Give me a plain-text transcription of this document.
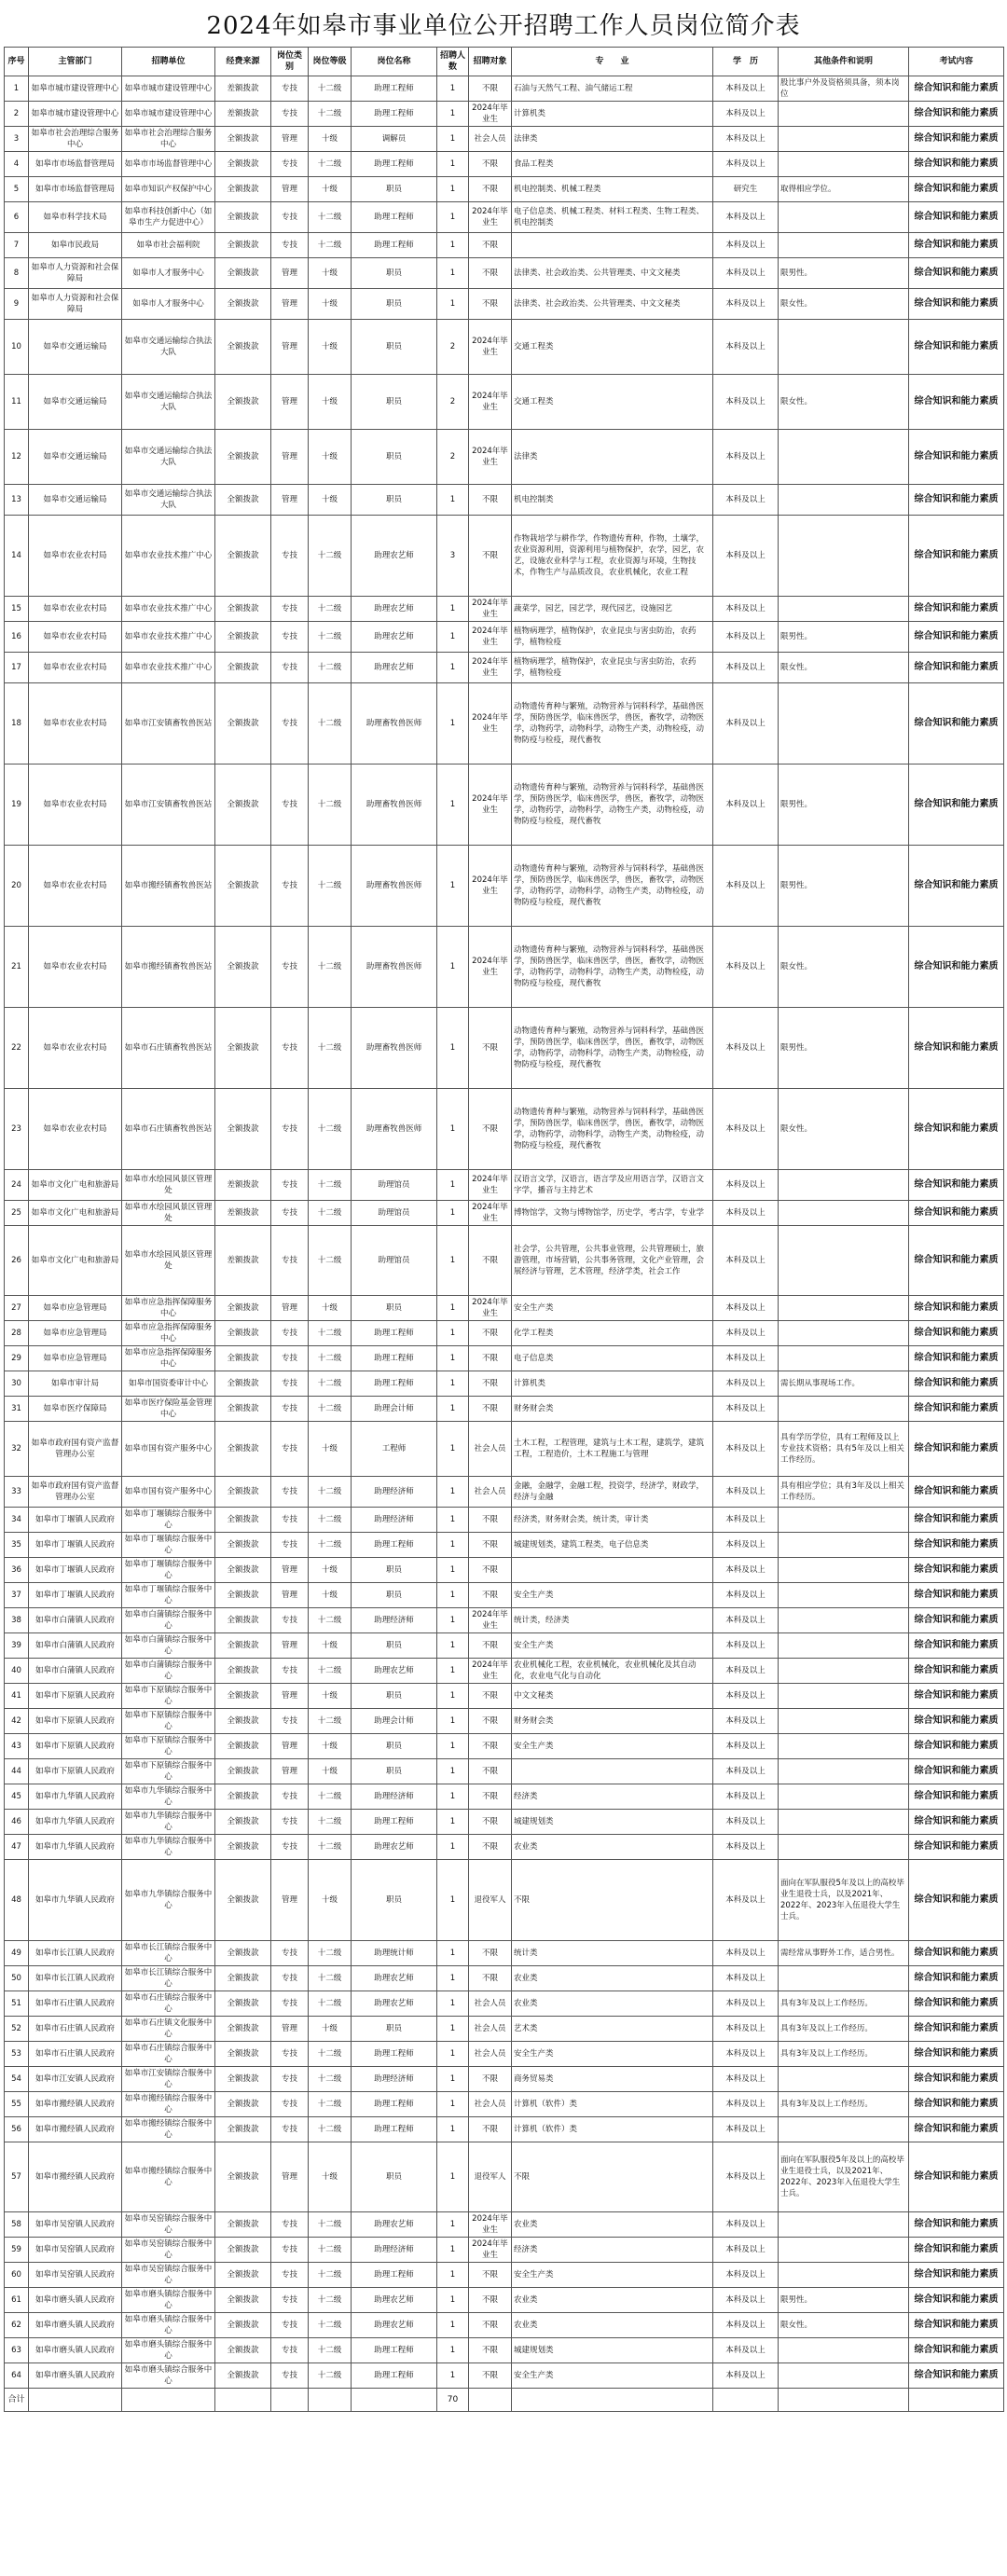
2024年如皋市事业单位公开招聘工作人员岗位简介表
序号	主管部门	招聘单位	经费来源	岗位类别	岗位等级	岗位名称	招聘人数	招聘对象	专　　业	学　历	其他条件和说明	考试内容
1	如皋市城市建设管理中心	如皋市城市建设管理中心	差额拨款	专技	十二级	助理工程师	1	不限	石油与天然气工程、油气储运工程	本科及以上	股比事户外及资格须具备，须本岗位	综合知识和能力素质
2	如皋市城市建设管理中心	如皋市城市建设管理中心	差额拨款	专技	十二级	助理工程师	1	2024年毕业生	计算机类	本科及以上		综合知识和能力素质
3	如皋市社会治理综合服务中心	如皋市社会治理综合服务中心	全额拨款	管理	十级	调解员	1	社会人员	法律类	本科及以上		综合知识和能力素质
4	如皋市市场监督管理局	如皋市市场监督管理中心	全额拨款	专技	十二级	助理工程师	1	不限	食品工程类	本科及以上		综合知识和能力素质
5	如皋市市场监督管理局	如皋市知识产权保护中心	全额拨款	管理	十级	职员	1	不限	机电控制类、机械工程类	研究生	取得相应学位。	综合知识和能力素质
6	如皋市科学技术局	如皋市科技创新中心（如皋市生产力促进中心）	全额拨款	专技	十二级	助理工程师	1	2024年毕业生	电子信息类、机械工程类、材料工程类、生物工程类、机电控制类	本科及以上		综合知识和能力素质
7	如皋市民政局	如皋市社会福利院	全额拨款	专技	十二级	助理工程师	1	不限		本科及以上		综合知识和能力素质
8	如皋市人力资源和社会保障局	如皋市人才服务中心	全额拨款	管理	十级	职员	1	不限	法律类、社会政治类、公共管理类、中文文秘类	本科及以上	限男性。	综合知识和能力素质
9	如皋市人力资源和社会保障局	如皋市人才服务中心	全额拨款	管理	十级	职员	1	不限	法律类、社会政治类、公共管理类、中文文秘类	本科及以上	限女性。	综合知识和能力素质
10	如皋市交通运输局	如皋市交通运输综合执法大队	全额拨款	管理	十级	职员	2	2024年毕业生	交通工程类	本科及以上		综合知识和能力素质
11	如皋市交通运输局	如皋市交通运输综合执法大队	全额拨款	管理	十级	职员	2	2024年毕业生	交通工程类	本科及以上	限女性。	综合知识和能力素质
12	如皋市交通运输局	如皋市交通运输综合执法大队	全额拨款	管理	十级	职员	2	2024年毕业生	法律类	本科及以上		综合知识和能力素质
13	如皋市交通运输局	如皋市交通运输综合执法大队	全额拨款	管理	十级	职员	1	不限	机电控制类	本科及以上		综合知识和能力素质
14	如皋市农业农村局	如皋市农业技术推广中心	全额拨款	专技	十二级	助理农艺师	3	不限	作物栽培学与耕作学，作物遗传育种，作物，土壤学，农业资源利用，资源利用与植物保护，农学，园艺，农艺，设施农业科学与工程，农业资源与环境，生物技术，作物生产与品质改良，农业机械化，农业工程	本科及以上		综合知识和能力素质
15	如皋市农业农村局	如皋市农业技术推广中心	全额拨款	专技	十二级	助理农艺师	1	2024年毕业生	蔬菜学，园艺，园艺学，现代园艺，设施园艺	本科及以上		综合知识和能力素质
16	如皋市农业农村局	如皋市农业技术推广中心	全额拨款	专技	十二级	助理农艺师	1	2024年毕业生	植物病理学，植物保护，农业昆虫与害虫防治，农药学，植物检疫	本科及以上	限男性。	综合知识和能力素质
17	如皋市农业农村局	如皋市农业技术推广中心	全额拨款	专技	十二级	助理农艺师	1	2024年毕业生	植物病理学，植物保护，农业昆虫与害虫防治，农药学，植物检疫	本科及以上	限女性。	综合知识和能力素质
18	如皋市农业农村局	如皋市江安镇畜牧兽医站	全额拨款	专技	十二级	助理畜牧兽医师	1	2024年毕业生	动物遗传育种与繁殖，动物营养与饲料科学，基础兽医学，预防兽医学，临床兽医学，兽医，畜牧学，动物医学，动物药学，动物科学，动物生产类，动物检疫，动物防疫与检疫，现代畜牧	本科及以上		综合知识和能力素质
19	如皋市农业农村局	如皋市江安镇畜牧兽医站	全额拨款	专技	十二级	助理畜牧兽医师	1	2024年毕业生	动物遗传育种与繁殖，动物营养与饲料科学，基础兽医学，预防兽医学，临床兽医学，兽医，畜牧学，动物医学，动物药学，动物科学，动物生产类，动物检疫，动物防疫与检疫，现代畜牧	本科及以上	限男性。	综合知识和能力素质
20	如皋市农业农村局	如皋市搬经镇畜牧兽医站	全额拨款	专技	十二级	助理畜牧兽医师	1	2024年毕业生	动物遗传育种与繁殖，动物营养与饲料科学，基础兽医学，预防兽医学，临床兽医学，兽医，畜牧学，动物医学，动物药学，动物科学，动物生产类，动物检疫，动物防疫与检疫，现代畜牧	本科及以上	限男性。	综合知识和能力素质
21	如皋市农业农村局	如皋市搬经镇畜牧兽医站	全额拨款	专技	十二级	助理畜牧兽医师	1	2024年毕业生	动物遗传育种与繁殖，动物营养与饲料科学，基础兽医学，预防兽医学，临床兽医学，兽医，畜牧学，动物医学，动物药学，动物科学，动物生产类，动物检疫，动物防疫与检疫，现代畜牧	本科及以上	限女性。	综合知识和能力素质
22	如皋市农业农村局	如皋市石庄镇畜牧兽医站	全额拨款	专技	十二级	助理畜牧兽医师	1	不限	动物遗传育种与繁殖，动物营养与饲料科学，基础兽医学，预防兽医学，临床兽医学，兽医，畜牧学，动物医学，动物药学，动物科学，动物生产类，动物检疫，动物防疫与检疫，现代畜牧	本科及以上	限男性。	综合知识和能力素质
23	如皋市农业农村局	如皋市石庄镇畜牧兽医站	全额拨款	专技	十二级	助理畜牧兽医师	1	不限	动物遗传育种与繁殖，动物营养与饲料科学，基础兽医学，预防兽医学，临床兽医学，兽医，畜牧学，动物医学，动物药学，动物科学，动物生产类，动物检疫，动物防疫与检疫，现代畜牧	本科及以上	限女性。	综合知识和能力素质
24	如皋市文化广电和旅游局	如皋市水绘园风景区管理处	差额拨款	专技	十二级	助理馆员	1	2024年毕业生	汉语言文学，汉语言，语言学及应用语言学，汉语言文字学，播音与主持艺术	本科及以上		综合知识和能力素质
25	如皋市文化广电和旅游局	如皋市水绘园风景区管理处	差额拨款	专技	十二级	助理馆员	1	2024年毕业生	博物馆学，文物与博物馆学，历史学，考古学，专业学	本科及以上		综合知识和能力素质
26	如皋市文化广电和旅游局	如皋市水绘园风景区管理处	差额拨款	专技	十二级	助理馆员	1	不限	社会学，公共管理，公共事业管理，公共管理硕士，旅游管理，市场营销，公共事务管理，文化产业管理，会展经济与管理，艺术管理，经济学类，社会工作	本科及以上		综合知识和能力素质
27	如皋市应急管理局	如皋市应急指挥保障服务中心	全额拨款	管理	十级	职员	1	2024年毕业生	安全生产类	本科及以上		综合知识和能力素质
28	如皋市应急管理局	如皋市应急指挥保障服务中心	全额拨款	专技	十二级	助理工程师	1	不限	化学工程类	本科及以上		综合知识和能力素质
29	如皋市应急管理局	如皋市应急指挥保障服务中心	全额拨款	专技	十二级	助理工程师	1	不限	电子信息类	本科及以上		综合知识和能力素质
30	如皋市审计局	如皋市国资委审计中心	全额拨款	专技	十二级	助理工程师	1	不限	计算机类	本科及以上	需长期从事现场工作。	综合知识和能力素质
31	如皋市医疗保障局	如皋市医疗保险基金管理中心	全额拨款	专技	十二级	助理会计师	1	不限	财务财会类	本科及以上		综合知识和能力素质
32	如皋市政府国有资产监督管理办公室	如皋市国有资产服务中心	全额拨款	专技	十级	工程师	1	社会人员	土木工程，工程管理，建筑与土木工程，建筑学，建筑工程，工程造价，土木工程施工与管理	本科及以上	具有学历学位，具有工程师及以上专业技术资格；具有5年及以上相关工作经历。	综合知识和能力素质
33	如皋市政府国有资产监督管理办公室	如皋市国有资产服务中心	全额拨款	专技	十二级	助理经济师	1	社会人员	金融，金融学，金融工程，投资学，经济学，财政学，经济与金融	本科及以上	具有相应学位；具有3年及以上相关工作经历。	综合知识和能力素质
34	如皋市丁堰镇人民政府	如皋市丁堰镇综合服务中心	全额拨款	专技	十二级	助理经济师	1	不限	经济类，财务财会类，统计类，审计类	本科及以上		综合知识和能力素质
35	如皋市丁堰镇人民政府	如皋市丁堰镇综合服务中心	全额拨款	专技	十二级	助理工程师	1	不限	城建规划类，建筑工程类，电子信息类	本科及以上		综合知识和能力素质
36	如皋市丁堰镇人民政府	如皋市丁堰镇综合服务中心	全额拨款	管理	十级	职员	1	不限		本科及以上		综合知识和能力素质
37	如皋市丁堰镇人民政府	如皋市丁堰镇综合服务中心	全额拨款	管理	十级	职员	1	不限	安全生产类	本科及以上		综合知识和能力素质
38	如皋市白蒲镇人民政府	如皋市白蒲镇综合服务中心	全额拨款	专技	十二级	助理经济师	1	2024年毕业生	统计类，经济类	本科及以上		综合知识和能力素质
39	如皋市白蒲镇人民政府	如皋市白蒲镇综合服务中心	全额拨款	管理	十级	职员	1	不限	安全生产类	本科及以上		综合知识和能力素质
40	如皋市白蒲镇人民政府	如皋市白蒲镇综合服务中心	全额拨款	专技	十二级	助理农艺师	1	2024年毕业生	农业机械化工程，农业机械化，农业机械化及其自动化，农业电气化与自动化	本科及以上		综合知识和能力素质
41	如皋市下原镇人民政府	如皋市下原镇综合服务中心	全额拨款	管理	十级	职员	1	不限	中文文秘类	本科及以上		综合知识和能力素质
42	如皋市下原镇人民政府	如皋市下原镇综合服务中心	全额拨款	专技	十二级	助理会计师	1	不限	财务财会类	本科及以上		综合知识和能力素质
43	如皋市下原镇人民政府	如皋市下原镇综合服务中心	全额拨款	管理	十级	职员	1	不限	安全生产类	本科及以上		综合知识和能力素质
44	如皋市下原镇人民政府	如皋市下原镇综合服务中心	全额拨款	管理	十级	职员	1	不限		本科及以上		综合知识和能力素质
45	如皋市九华镇人民政府	如皋市九华镇综合服务中心	全额拨款	专技	十二级	助理经济师	1	不限	经济类	本科及以上		综合知识和能力素质
46	如皋市九华镇人民政府	如皋市九华镇综合服务中心	全额拨款	专技	十二级	助理工程师	1	不限	城建规划类	本科及以上		综合知识和能力素质
47	如皋市九华镇人民政府	如皋市九华镇综合服务中心	全额拨款	专技	十二级	助理农艺师	1	不限	农业类	本科及以上		综合知识和能力素质
48	如皋市九华镇人民政府	如皋市九华镇综合服务中心	全额拨款	管理	十级	职员	1	退役军人	不限	本科及以上	面向在军队服役5年及以上的高校毕业生退役士兵，以及2021年、2022年、2023年入伍退役大学生士兵。	综合知识和能力素质
49	如皋市长江镇人民政府	如皋市长江镇综合服务中心	全额拨款	专技	十二级	助理统计师	1	不限	统计类	本科及以上	需经常从事野外工作，适合男性。	综合知识和能力素质
50	如皋市长江镇人民政府	如皋市长江镇综合服务中心	全额拨款	专技	十二级	助理农艺师	1	不限	农业类	本科及以上		综合知识和能力素质
51	如皋市石庄镇人民政府	如皋市石庄镇综合服务中心	全额拨款	专技	十二级	助理农艺师	1	社会人员	农业类	本科及以上	具有3年及以上工作经历。	综合知识和能力素质
52	如皋市石庄镇人民政府	如皋市石庄镇文化服务中心	全额拨款	管理	十级	职员	1	社会人员	艺术类	本科及以上	具有3年及以上工作经历。	综合知识和能力素质
53	如皋市石庄镇人民政府	如皋市石庄镇综合服务中心	全额拨款	专技	十二级	助理工程师	1	社会人员	安全生产类	本科及以上	具有3年及以上工作经历。	综合知识和能力素质
54	如皋市江安镇人民政府	如皋市江安镇综合服务中心	全额拨款	专技	十二级	助理经济师	1	不限	商务贸易类	本科及以上		综合知识和能力素质
55	如皋市搬经镇人民政府	如皋市搬经镇综合服务中心	全额拨款	专技	十二级	助理工程师	1	社会人员	计算机（软件）类	本科及以上	具有3年及以上工作经历。	综合知识和能力素质
56	如皋市搬经镇人民政府	如皋市搬经镇综合服务中心	全额拨款	专技	十二级	助理工程师	1	不限	计算机（软件）类	本科及以上		综合知识和能力素质
57	如皋市搬经镇人民政府	如皋市搬经镇综合服务中心	全额拨款	管理	十级	职员	1	退役军人	不限	本科及以上	面向在军队服役5年及以上的高校毕业生退役士兵，以及2021年、2022年、2023年入伍退役大学生士兵。	综合知识和能力素质
58	如皋市吴窑镇人民政府	如皋市吴窑镇综合服务中心	全额拨款	专技	十二级	助理农艺师	1	2024年毕业生	农业类	本科及以上		综合知识和能力素质
59	如皋市吴窑镇人民政府	如皋市吴窑镇综合服务中心	全额拨款	专技	十二级	助理经济师	1	2024年毕业生	经济类	本科及以上		综合知识和能力素质
60	如皋市吴窑镇人民政府	如皋市吴窑镇综合服务中心	全额拨款	专技	十二级	助理工程师	1	不限	安全生产类	本科及以上		综合知识和能力素质
61	如皋市磨头镇人民政府	如皋市磨头镇综合服务中心	全额拨款	专技	十二级	助理农艺师	1	不限	农业类	本科及以上	限男性。	综合知识和能力素质
62	如皋市磨头镇人民政府	如皋市磨头镇综合服务中心	全额拨款	专技	十二级	助理农艺师	1	不限	农业类	本科及以上	限女性。	综合知识和能力素质
63	如皋市磨头镇人民政府	如皋市磨头镇综合服务中心	全额拨款	专技	十二级	助理工程师	1	不限	城建规划类	本科及以上		综合知识和能力素质
64	如皋市磨头镇人民政府	如皋市磨头镇综合服务中心	全额拨款	专技	十二级	助理工程师	1	不限	安全生产类	本科及以上		综合知识和能力素质
合计							70					
